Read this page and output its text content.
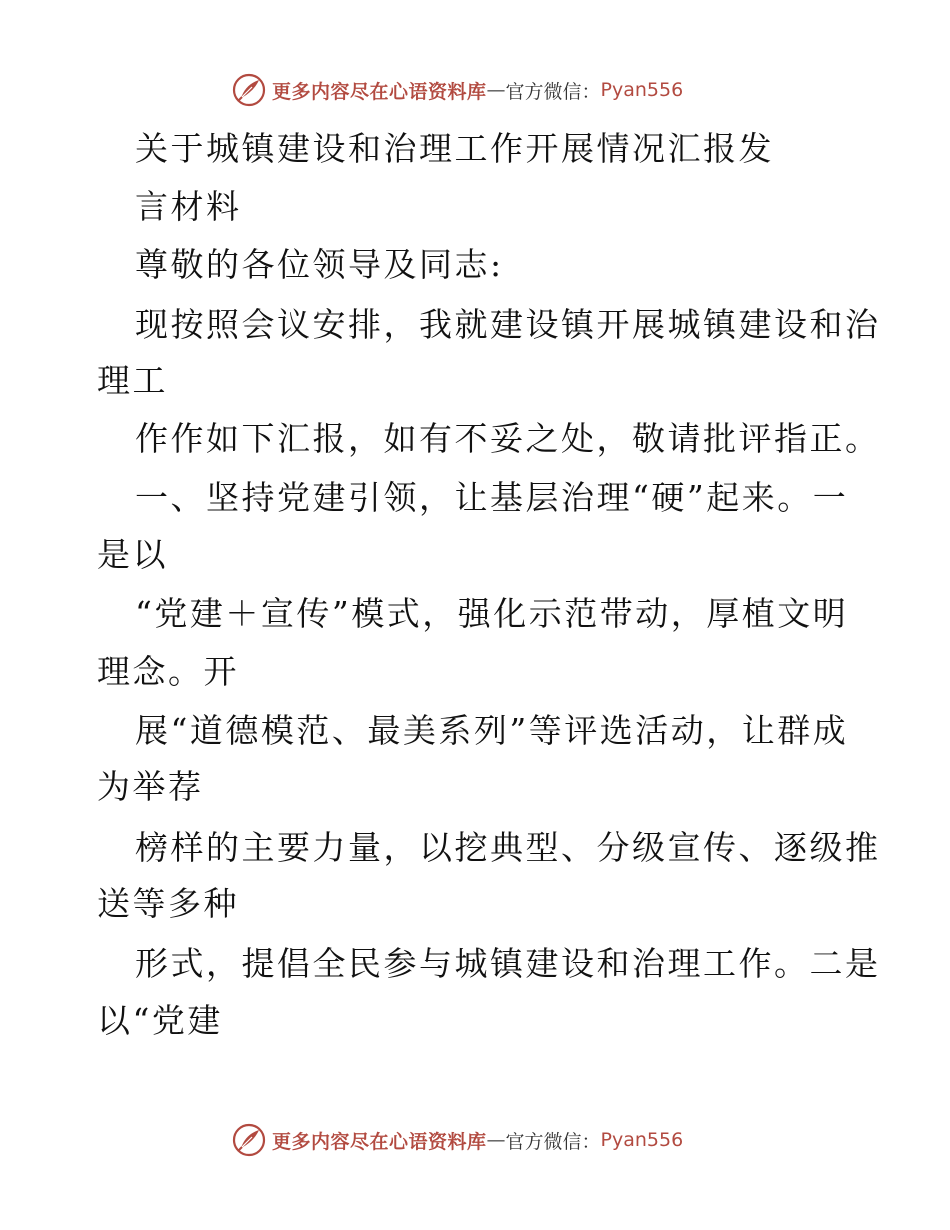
更多内容尽在心语资料库 — 官方微信： Pyan556
关于城镇建设和治理工作开展情况汇报发
言材料
尊敬的各位领导及同志:
现按照会议安排，我就建设镇开展城镇建设和治
理工
作作如下汇报，如有不妥之处，敬请批评指正。
一、坚持党建引领，让基层治理“硬”起来。一
是以
“党建＋宣传”模式，强化示范带动，厚植文明
理念。开
展“道德模范、最美系列”等评选活动，让群成
为举荐
榜样的主要力量，以挖典型、分级宣传、逐级推
送等多种
形式，提倡全民参与城镇建设和治理工作。二是
以“党建
更多内容尽在心语资料库 — 官方微信： Pyan556
